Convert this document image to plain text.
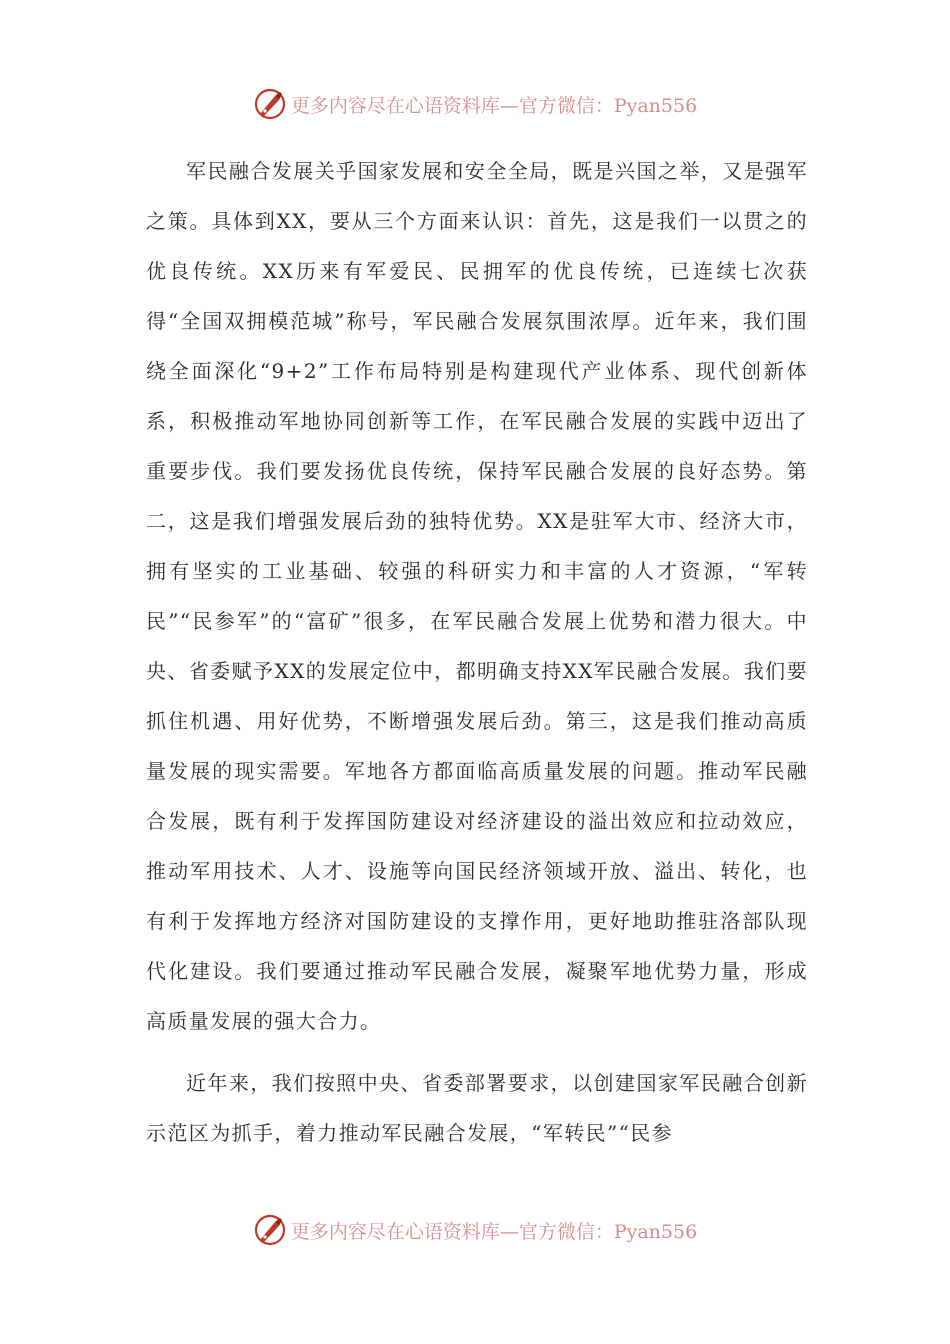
更多内容尽在心语资料库—官方微信：Pyan556

军民融合发展关乎国家发展和安全全局，既是兴国之举，又是强军之策。具体到XX，要从三个方面来认识：首先，这是我们一以贯之的优良传统。XX历来有军爱民、民拥军的优良传统，已连续七次获得“全国双拥模范城”称号，军民融合发展氛围浓厚。近年来，我们围绕全面深化“9+2”工作布局特别是构建现代产业体系、现代创新体系，积极推动军地协同创新等工作，在军民融合发展的实践中迈出了重要步伐。我们要发扬优良传统，保持军民融合发展的良好态势。第二，这是我们增强发展后劲的独特优势。XX是驻军大市、经济大市，拥有坚实的工业基础、较强的科研实力和丰富的人才资源，“军转民”“民参军”的“富矿”很多，在军民融合发展上优势和潜力很大。中央、省委赋予XX的发展定位中，都明确支持XX军民融合发展。我们要抓住机遇、用好优势，不断增强发展后劲。第三，这是我们推动高质量发展的现实需要。军地各方都面临高质量发展的问题。推动军民融合发展，既有利于发挥国防建设对经济建设的溢出效应和拉动效应，推动军用技术、人才、设施等向国民经济领域开放、溢出、转化，也有利于发挥地方经济对国防建设的支撑作用，更好地助推驻洛部队现代化建设。我们要通过推动军民融合发展，凝聚军地优势力量，形成高质量发展的强大合力。

近年来，我们按照中央、省委部署要求，以创建国家军民融合创新示范区为抓手，着力推动军民融合发展，“军转民”“民参

更多内容尽在心语资料库—官方微信：Pyan556
